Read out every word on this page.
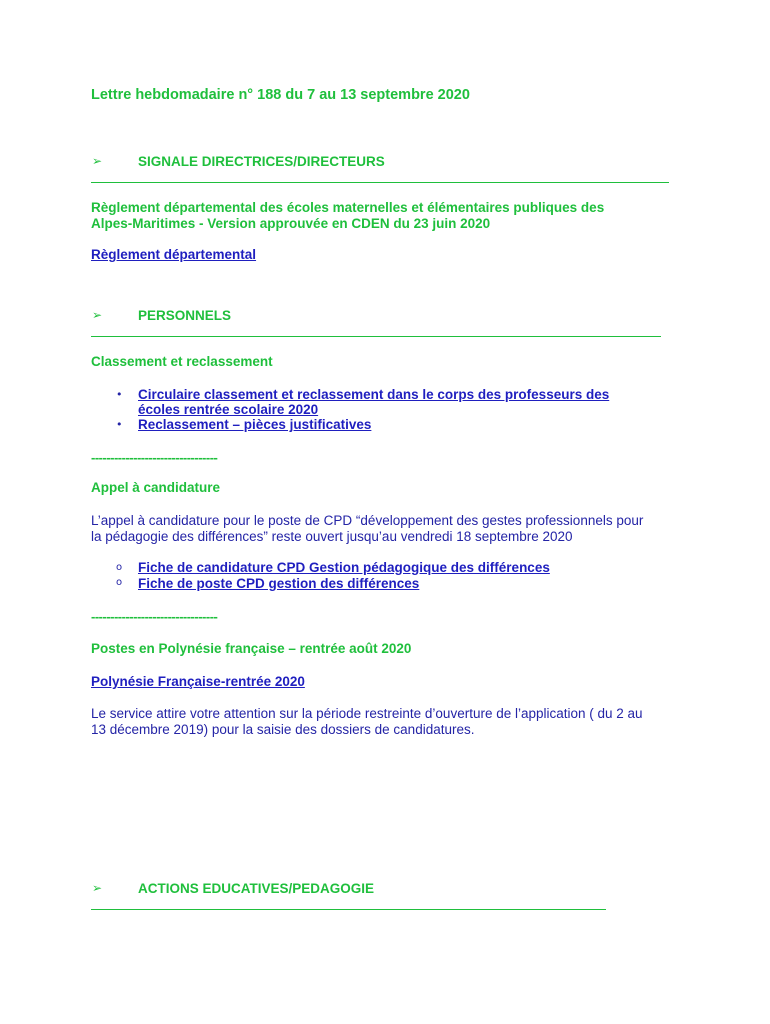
Lettre hebdomadaire n° 188 du 7 au 13 septembre 2020
➢	SIGNALE DIRECTRICES/DIRECTEURS
Règlement départemental des écoles maternelles et élémentaires publiques des
Alpes-Maritimes - Version approuvée en CDEN du 23 juin 2020
Règlement départemental
➢	PERSONNELS
Classement et reclassement
• Circulaire classement et reclassement dans le corps des professeurs des
écoles rentrée scolaire 2020
• Reclassement – pièces justificatives
---------------------------------
Appel à candidature
L’appel à candidature pour le poste de CPD “développement des gestes professionnels pour
la pédagogie des différences” reste ouvert jusqu’au vendredi 18 septembre 2020
o Fiche de candidature CPD Gestion pédagogique des différences
o Fiche de poste CPD gestion des différences
---------------------------------
Postes en Polynésie française – rentrée août 2020
Polynésie Française-rentrée 2020
Le service attire votre attention sur la période restreinte d’ouverture de l’application ( du 2 au
13 décembre 2019) pour la saisie des dossiers de candidatures.
➢	ACTIONS EDUCATIVES/PEDAGOGIE
